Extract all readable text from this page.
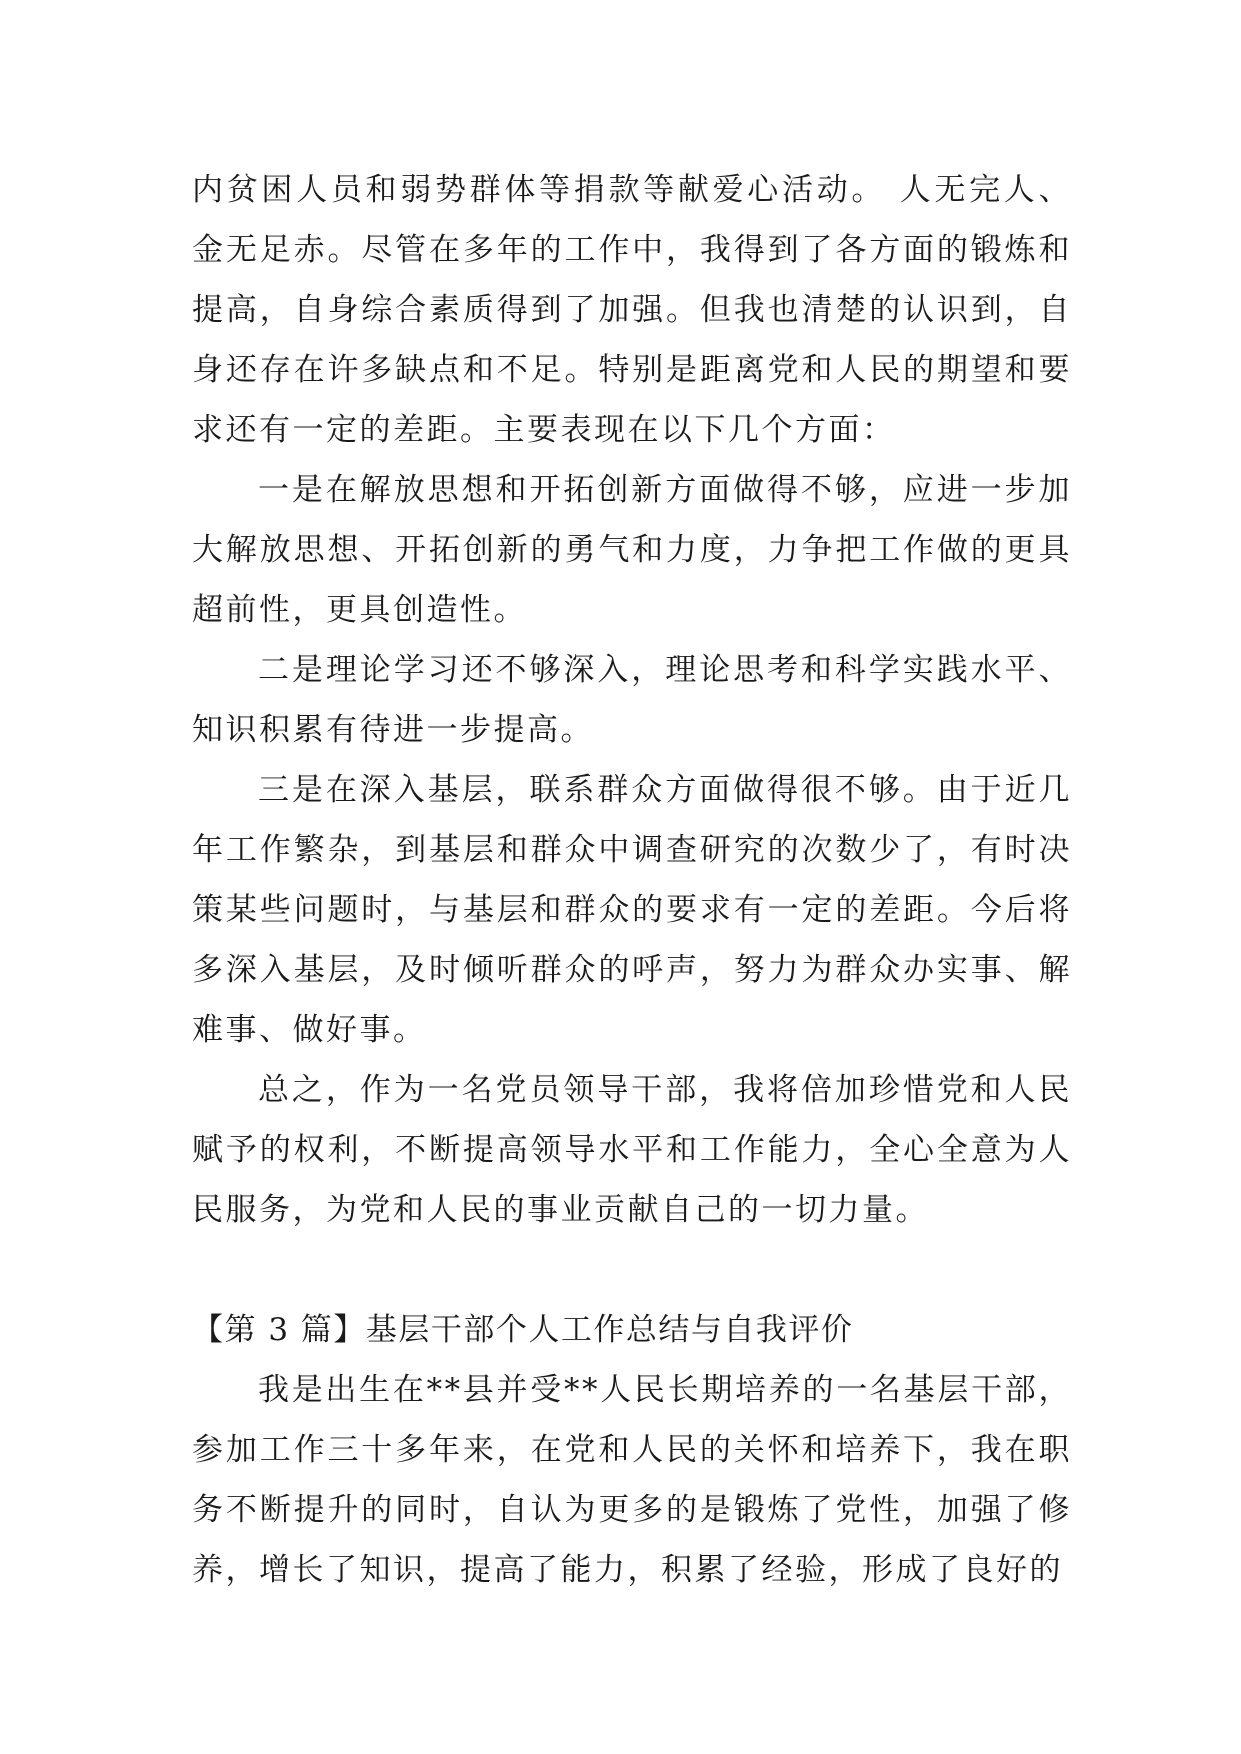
内贫困人员和弱势群体等捐款等献爱心活动。 人无完人、金无足赤。尽管在多年的工作中，我得到了各方面的锻炼和提高，自身综合素质得到了加强。但我也清楚的认识到，自身还存在许多缺点和不足。特别是距离党和人民的期望和要求还有一定的差距。主要表现在以下几个方面：

一是在解放思想和开拓创新方面做得不够，应进一步加大解放思想、开拓创新的勇气和力度，力争把工作做的更具超前性，更具创造性。

二是理论学习还不够深入，理论思考和科学实践水平、知识积累有待进一步提高。

三是在深入基层，联系群众方面做得很不够。由于近几年工作繁杂，到基层和群众中调查研究的次数少了，有时决策某些问题时，与基层和群众的要求有一定的差距。今后将多深入基层，及时倾听群众的呼声，努力为群众办实事、解难事、做好事。

总之，作为一名党员领导干部，我将倍加珍惜党和人民赋予的权利，不断提高领导水平和工作能力，全心全意为人民服务，为党和人民的事业贡献自己的一切力量。

【第 3 篇】基层干部个人工作总结与自我评价

我是出生在**县并受**人民长期培养的一名基层干部，参加工作三十多年来，在党和人民的关怀和培养下，我在职务不断提升的同时，自认为更多的是锻炼了党性，加强了修养，增长了知识，提高了能力，积累了经验，形成了良好的
